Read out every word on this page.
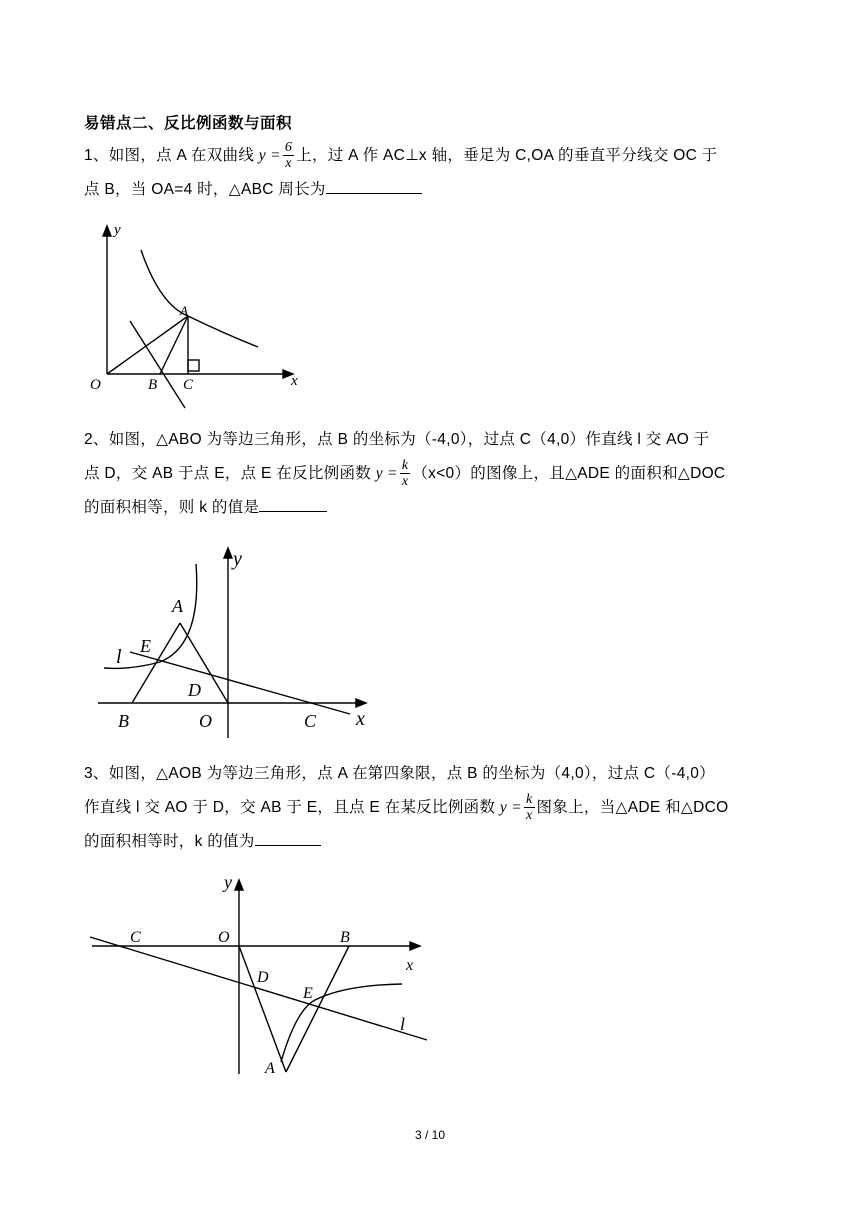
易错点二、反比例函数与面积
1、如图，点 A 在双曲线 $y = \frac{6}{x}$ 上，过 A 作 AC⊥x 轴，垂足为 C,OA 的垂直平分线交 OC 于
点 B，当 OA=4 时，△ABC 周长为
y
x
O
A
B C
2、如图，△ABO 为等边三角形，点 B 的坐标为（-4,0），过点 C（4,0）作直线 l 交 AO 于
点 D，交 AB 于点 E，点 E 在反比例函数 $y = \frac{k}{x} (x<0)$的图像上，且△ADE 的面积和△DOC
的面积相等，则 k 的值是
l E
A
D
B	O	C
y
x
3、如图，△AOB 为等边三角形，点 A 在第四象限，点 B 的坐标为（4,0），过点 C（-4,0）
作直线 l 交 AO 于 D，交 AB 于 E，且点 E 在某反比例函数 $y = \frac{k}{x}$ 图象上，当△ADE 和△DCO
的面积相等时，k 的值为
y
C	O	B
x
D
E
l
A
3 / 10
